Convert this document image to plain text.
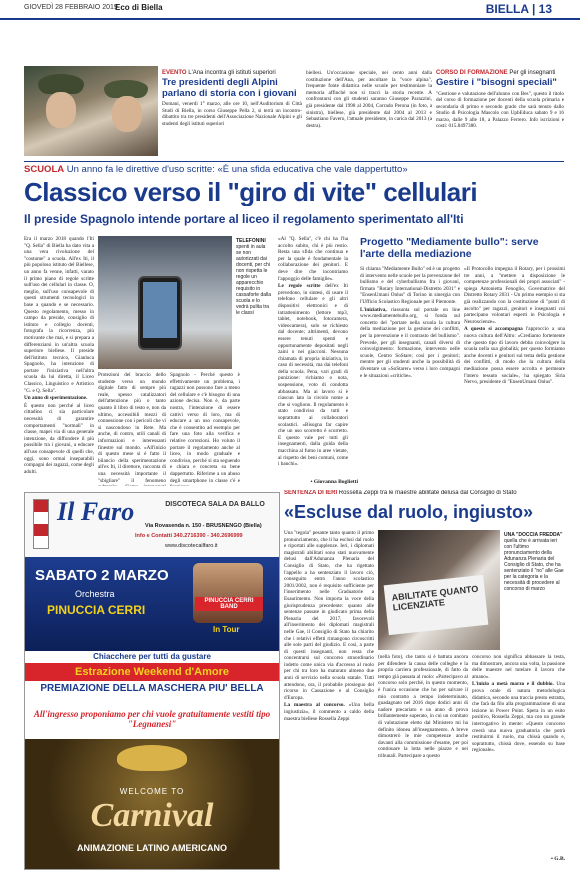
GIOVEDÌ 28 FEBBRAIO 2019
Eco di Biella	BIELLA | 13
EVENTO L'Ana incontra gli istituti superiori
Tre presidenti degli Alpini parlano di storia con i giovani
Domani, venerdì 1° marzo, alle ore 10, nell'Auditorium di Città Studi di Biella, in corso Giuseppe Pella 2, si terrà un incontro-dibattito tra tre presidenti dell'Associazione Nazionale Alpini e gli studenti degli istituti superiori
biellesi. Un'occasione speciale, nei cento anni dalla costituzione dell'Ana, per ascoltare la "voce alpina", frequente fonte didattica nelle scuole per testimoniare la memoria affinché non si tracci la storia recente. A confrontarsi con gli studenti saranno Giuseppe Parazzini, già presidente dal 1998 al 2004, Corrado Perona (in foto, a sinistra), biellese, già presidente dal 2004 al 2013 e Sebastiano Favero, l'attuale presidente, in carica dal 2013 (a destra).
CORSO DI FORMAZIONE Per gli insegnanti
Gestire i "bisogni speciali"
"Gestione e valutazione dell'alunno con Bes", questo il titolo del corso di formazione per docenti della scuola primaria e secondaria di primo e secondo grado che sarà tenuto dallo Studio di Psicologia Mascolo con UpbEduca sabato 9 e 16 marzo, dalle 9 alle 18, a Palazzo Ferrero. Info iscrizioni e costi: 015.8497380.
SCUOLA Un anno fa le direttive d'uso scritte: «È una sfida educativa che vale dappertutto»
Classico verso il "giro di vite" cellulari
Il preside Spagnolo intende portare al liceo il regolamento sperimentato all'Iti

Era il marzo 2018 quando l'Iti "Q. Sella" di Biella ha dato vita a una vera rivoluzione del "costume" a scuola. All'ex Iti, il più popoloso istituto del Biellese, un anno fa venne, infatti, varato il primo piano di regole scritte sull'uso dei cellulari in classe. O, meglio, sull'uso consapevole di questi strumenti tecnologici in base a quando e se necessario. Questo regolamento, messo in campo da preside, consiglio di istituto e collegio docenti, fotografa la ricorrenza, più motivante che mai, e si prepara a differenziarsi in un'altra scuola superiore biellese. Il preside dell'istituto tecnico, Gianluca Spagnolo, ha intenzione di portare l'iniziativa nell'altra scuola da lui diretta, il Liceo Classico, Linguistico e Artistico "G. e Q. Sella".

Un anno di sperimentazione.

È questo non perché al liceo cittadino ci sia particolare necessità di garantire comportamenti "normali" in classe, mapei via di una generale intenzione, da diffondere il più possibile tra i giovani, a educare all'uso consapevole di quelli che, oggi, sono ormai inseparabili compagni dei ragazzi, come degli adulti.

TELEFONINI
spenti in aula se non autorizzati dai docenti, per chi non rispetta le regole un apparecchio requisito in cassaforte dalla scuola e lo vedrà pulita tra le classi
Protezioni del braccio dello studente verso un mondo digitale fatto di sempre più reale, spesso catalizzatori dell'attenzione più o tanto quanto il libro di testo e, non da ultimo, accessibili mezzi di connessione con i pericoli che vi si nascondono in Rete. Ma anche, di contro, utili canali di informazioni e interessanti finestre sul mondo. «All'inizio di questo mese si è fatto il bilancio della sperimentazione all'ex Iti, il direttore, racconta di una necessità importante il "sbigliare" il fenomeno
Spagnolo - Perché questo è effettivamente un problema, i ragazzi non possono fare a meno del cellulare e c'è bisogno di una azione decisa. Non è, da parte nostra, l'intenzione di essere cattivi verso di loro, ma di educare a un uso consapevole, che è consentito ad esempio per fare una foto alla verifica e relative correzioni. Ho voluto il portare il regolamento anche al liceo, in modo graduale e condiviso, perché si sta seguendo e chiara e concreta su bene dappertutto. Riferirne a un abuso degli smartphone in classe c'è e

«Al "Q. Sella", c'è chi ha l'ha accolto subito, chi è più restio. Resta una sfida che continua e per la quale è fondamentale la collaborazione dei genitori. E deve dire che incontriamo l'appoggio delle famiglie».

Le regole scritte dell'ex Iti prevedono, in sintesi, di usare il telefono cellulare e gli altri dispositivi elettronici e di intrattenimento (lettore mp3, tablet, notebook, fotocamera, videocamera), solo se richiesto dal docente; altrimenti, devono essere tenuti spenti e opportunamente depositati negli zaini o nei giacconi. Nessuna chiamata di propria iniziativa, in caso di necessità, ma dai telefoni della scuola. Pena, vari gradi di punizione: richiamo o nota, sospensione, voto di condotta abbassato. Ma ai lavoro si è ciascun lato la circolo nome a che si vogliono. Il regolamento è stato condiviso da tutti e soprattutto ai collaboratori scolastici. «Bisogna far capire che un uso scorretto è scorretto. E questo vale per tutti gli insegnamenti, dalla guida della macchina al fumo in aree vietate, al rispetto dei beni comuni, come i banchi».

• Giovanna Boglietti
Progetto "Mediamente bullo": serve l'arte della mediazione

Si chiama "Mediamente Bullo" ed è un progetto di intervento nelle scuole per la prevenzione del bullismo e del cyberbullismo fra i giovani, firmato "Rotary International-Distretto 2031" e "EnsenUmani Onlus" di Torino in sinergia con l'Ufficio Scolastico Regionale per il Piemonte.

L'iniziativa, riassunta sul portale on line www.mediamentebullo.org, si fonda sul concetto del "portare nella scuola la cultura della mediazione per la gestione dei conflitti, per la prevenzione e il contrasto del bullismo". Prevede, per gli insegnanti, canali diversi di coinvolgimento: formazione, intervento nelle scuole, Centro SoStare; così per i genitori; mentre per gli studenti anche la possibilità di diventare un «SoStarer» verso i loro compagni e le situazioni «critiche».

«Il Protocollo impegna il Rotary, per i prossimi tre anni, a "mettere a disposizione le competenze professionali dei propri associati" - spiega Antonietta Fenoglio, Governatrice del Distretto Rotary 2031 - Un primo esempio si sta già realizzando con la costituzione di "punti di ascolto" per ragazzi, genitori e insegnanti cui partecipano volontari esperti in Psicologia e Neuroscienze».

A questo si accompagna l'approccio a una nuova cultura dell'Altro: «Crediamo fortemente che questo tipo di lavoro debba coinvolgere la scuola nella sua globalità; per questo formiamo anche docenti e genitori sul tema della gestione dei conflitti, di modo che la cultura della mediazione possa essere accolta e permeare l'intero tessuto sociale», ha spiegato Siria Nervo, presidente di "EnsenUmani Onlus".

SENTENZA DI IERI Rossella Zeppi tra le maestre abilitate delusa dal Consiglio di Stato
«Escluse dal ruolo, ingiusto»

Una "tegola" pesante tanto quanto il primo pronunciamento, che li ha esclusi dal ruolo e riportati alle supplenze. Ieri, i diplomati magistrali abilitati sono stati nuovamente delusi dall'Adunanza Plenaria del Consiglio di Stato, che ha rigettato l'appello a ha sentenziato il lavoro ciò, conseguito entro l'anno scolastico 2001/2002, non è requisito sufficiente per l'inserimento nelle Graduatorie a Esaurimento. Non importa la voce della giurisprudenza precedente: quanto alle sentenze passate in giudicato prima della Plenaria del 2017, favorevoli all'inserimento dei diplomati magistrali nelle Gae, il Consiglio di Stato ha chiarito che i relativi effetti rimangono circoscritti alle sole parti del giudizio. E così, a parte di questi insegnanti, non resta che concentrarsi sul concorso straordinario indetto come unica via d'accesso al ruolo per chi tra loro ha maturato almeno due anni di servizio nella scuola statale. Tutti attendono, ora, il probabile prosieguo del ricorso in Cassazione e al Consiglio d'Europa.

La maestra al concorso. «Una bella ingiustizia», il commento a caldo della maestra biellese Rossella Zeppi

ABILITATE QUANTO LICENZIATE
UNA "DOCCIA FREDDA"
quella che è arrivata ieri con l'ultimo pronunciamento della Adunanza Plenaria del Consiglio di Stato, che ha sentenziato il "no" alle Gae per la categoria e la necessità di procedere al concorso di marzo
(nella foto), che tanto si è battuta ancora per difendere la causa delle colleghe e la propria carriera professionale, di fatto da tempo già passata al ruolo: «Partecipavo al concorso solo perché, in questo momento, è l'unica occasione che ho per salvare il mio contratto a tempo indeterminato, guadagnato nel 2016 dopo dodici anni di nadore precariato e un anno di prova brillantemente superato, in cui un comitato di valutazione eletto dal Ministero mi ha definito idonea all'insegnamento. A breve dimostrerò le mie competenze anche davanti alla commissione d'esame, per poi continuare la lotta nelle piazze e nei tribunali. Partecipare a questo

concorso non significa abbassare la testa, ma dimostrare, ancora una volta, la passione delle maestre nel tutelare il lavoro che amano».

L'inizio a metà marzo e il dubbio. Una prova orale di natura metodologica didattica, secondo una traccia presto estratta, che farà da filo alla programmazione di una lezione in Power Point. Spera in un esito positivo, Rossella Zeppi, ma con un grande interrogativo in mente: «Questo concorso creerà una nuova graduatoria che potrà restituirmi il ruolo, ma chissà quando e, soprattutto, chissà dove, essendo su base regionale».

• G.B.
Il Faro	DISCOTECA SALA DA BALLO
Via Rovasenda n. 150 - BRUSNENGO (Biella)
Info e Contatti 340.2716390 - 340.2696999
www.discotecailfaro.it
SABATO 2 MARZO
Orchestra
PINUCCIA CERRI
PINUCCIA CERRI BAND
In Tour
Chiacchere per tutti da gustare
Estrazione Weekend d'Amore
PREMIAZIONE DELLA MASCHERA PIU' BELLA
All'ingresso proponiamo per chi vuole gratuitamente vestiti tipo "Legnanesi"
WELCOME TO
Carnival
ANIMAZIONE LATINO AMERICANO
